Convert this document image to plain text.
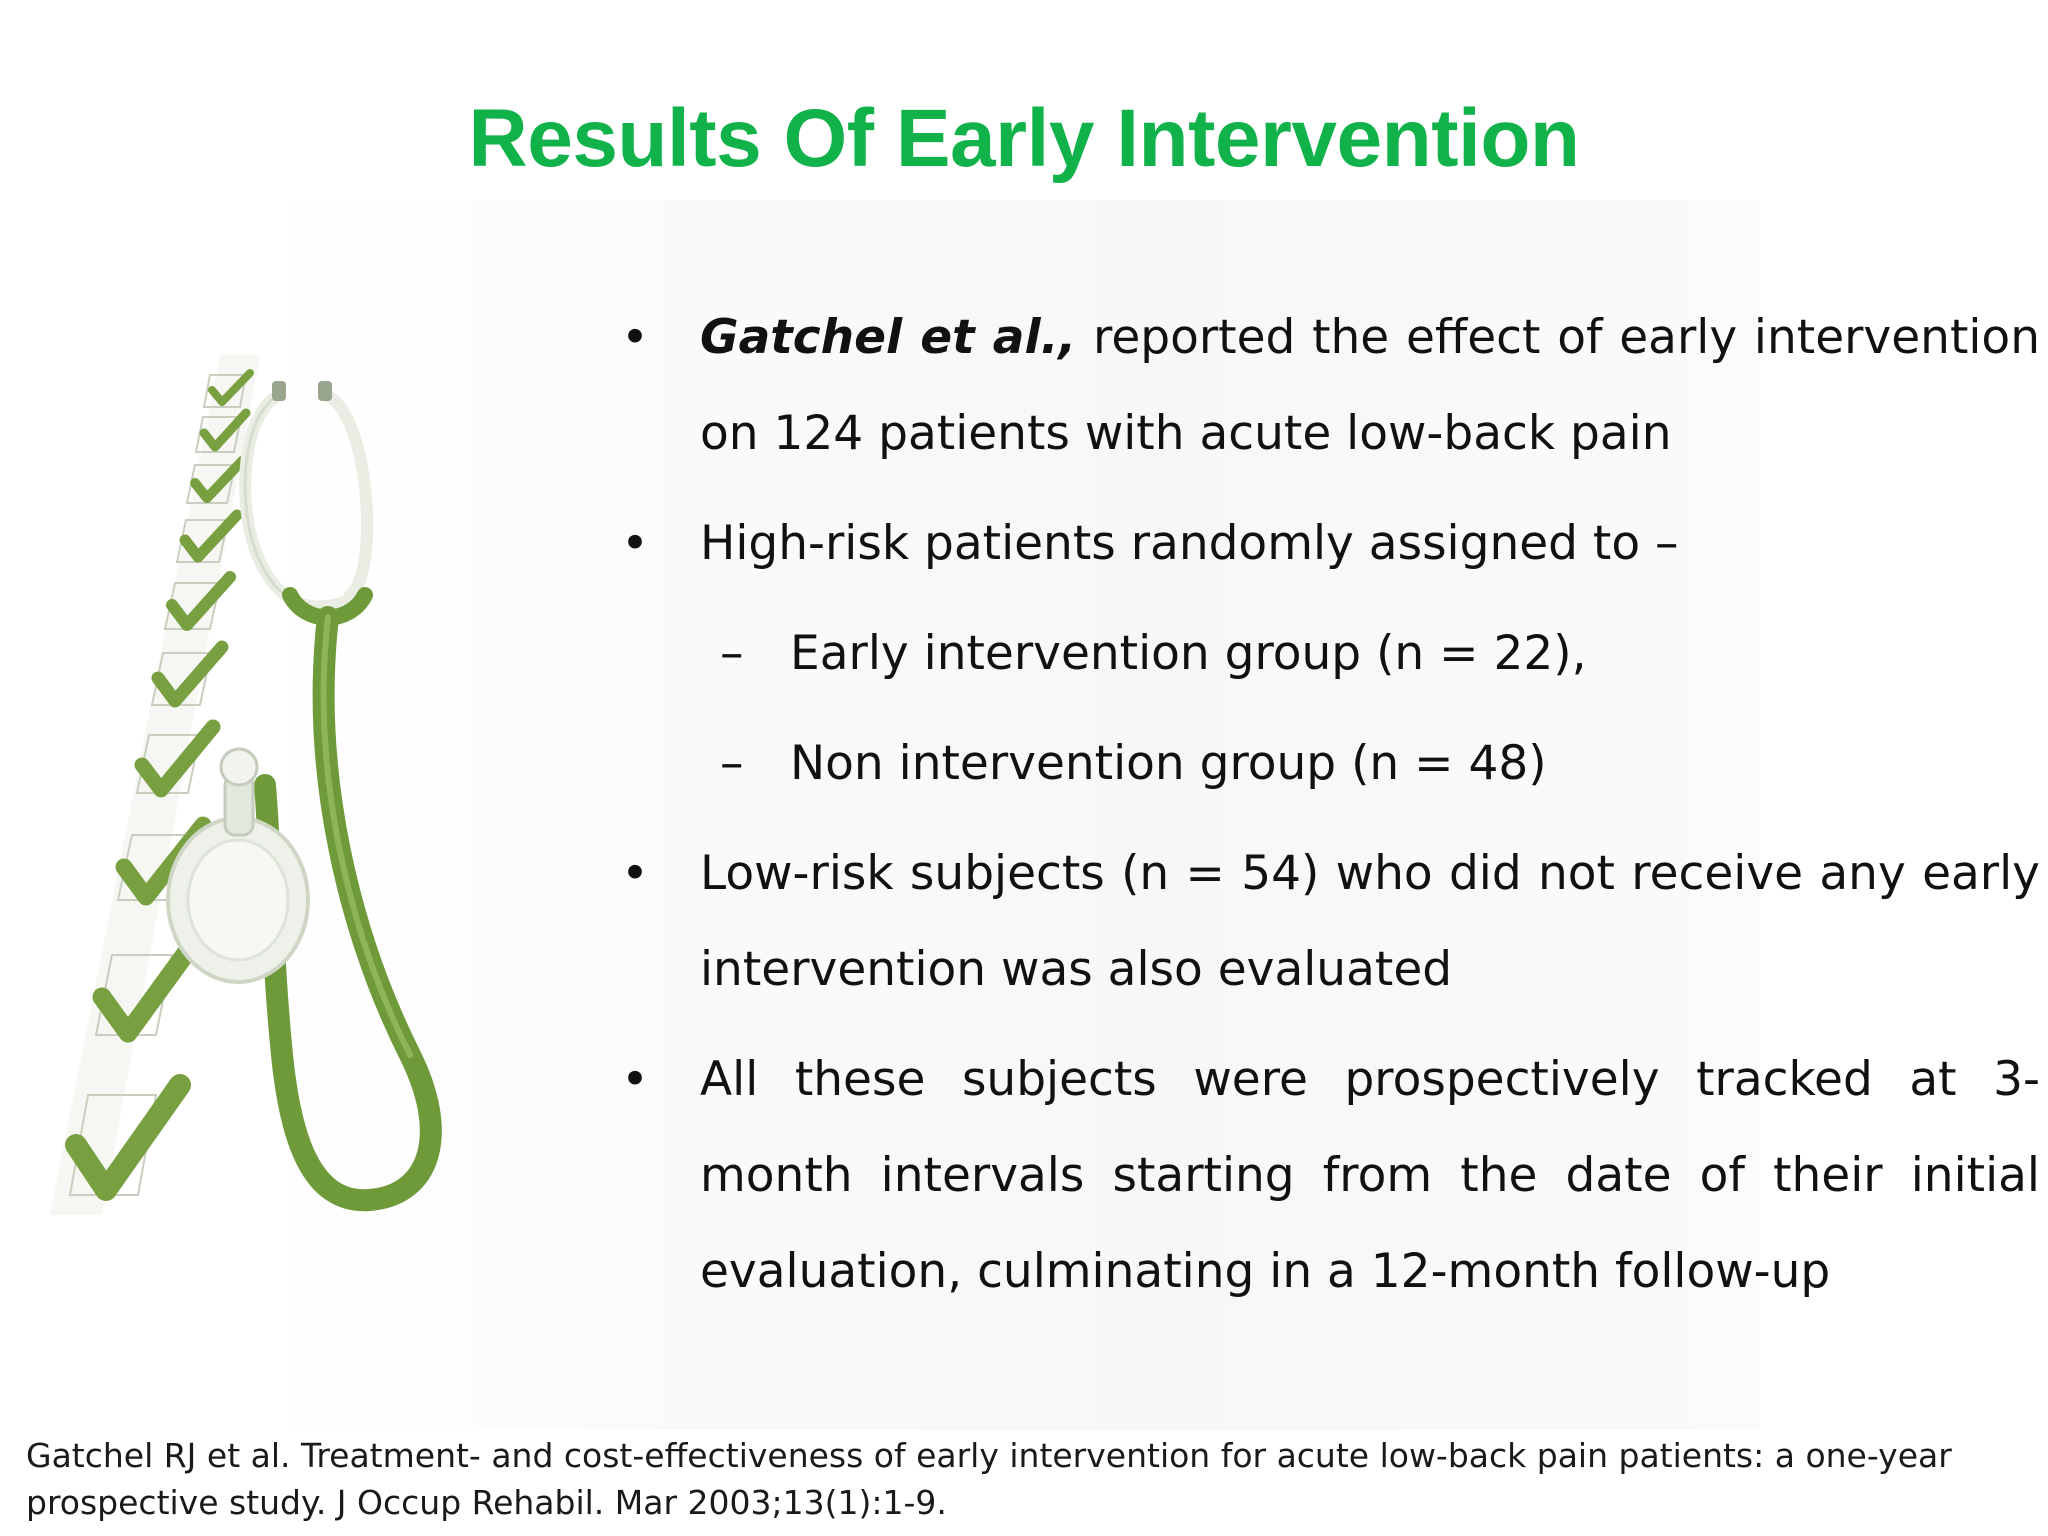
Results Of Early Intervention
• Gatchel et al., reported the effect of early intervention on 124 patients with acute low-back pain
• High-risk patients randomly assigned to –
– Early intervention group (n = 22),
– Non intervention group (n = 48)
• Low-risk subjects (n = 54) who did not receive any early intervention was also evaluated
• All these subjects were prospectively tracked at 3-month intervals starting from the date of their initial evaluation, culminating in a 12-month follow-up
Gatchel RJ et al. Treatment- and cost-effectiveness of early intervention for acute low-back pain patients: a one-year prospective study. J Occup Rehabil. Mar 2003;13(1):1-9.
